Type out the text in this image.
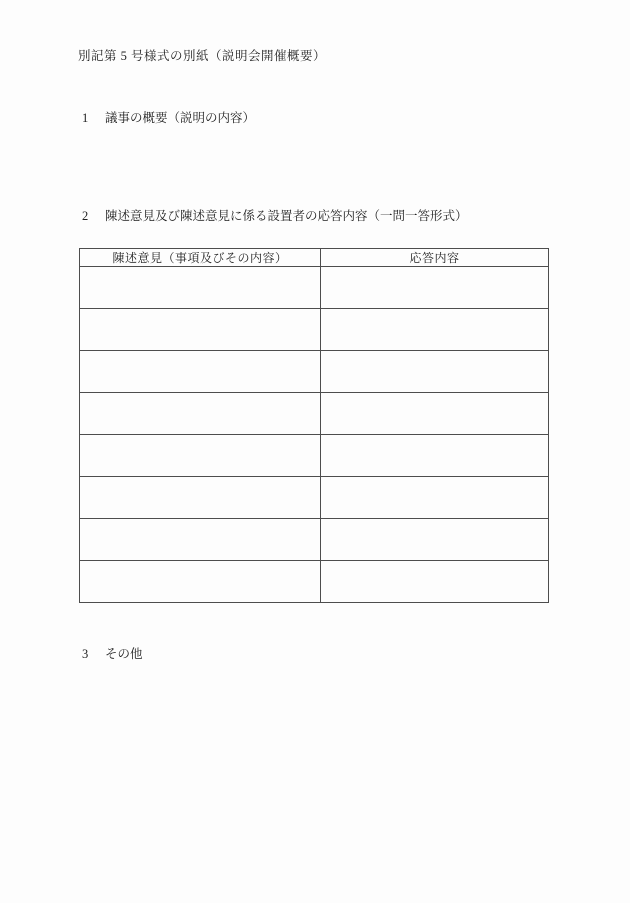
別記第 5 号様式の別紙（説明会開催概要）
1 議事の概要（説明の内容）
2 陳述意見及び陳述意見に係る設置者の応答内容（一問一答形式）
陳述意見（事項及びその内容）	応答内容

3 その他
